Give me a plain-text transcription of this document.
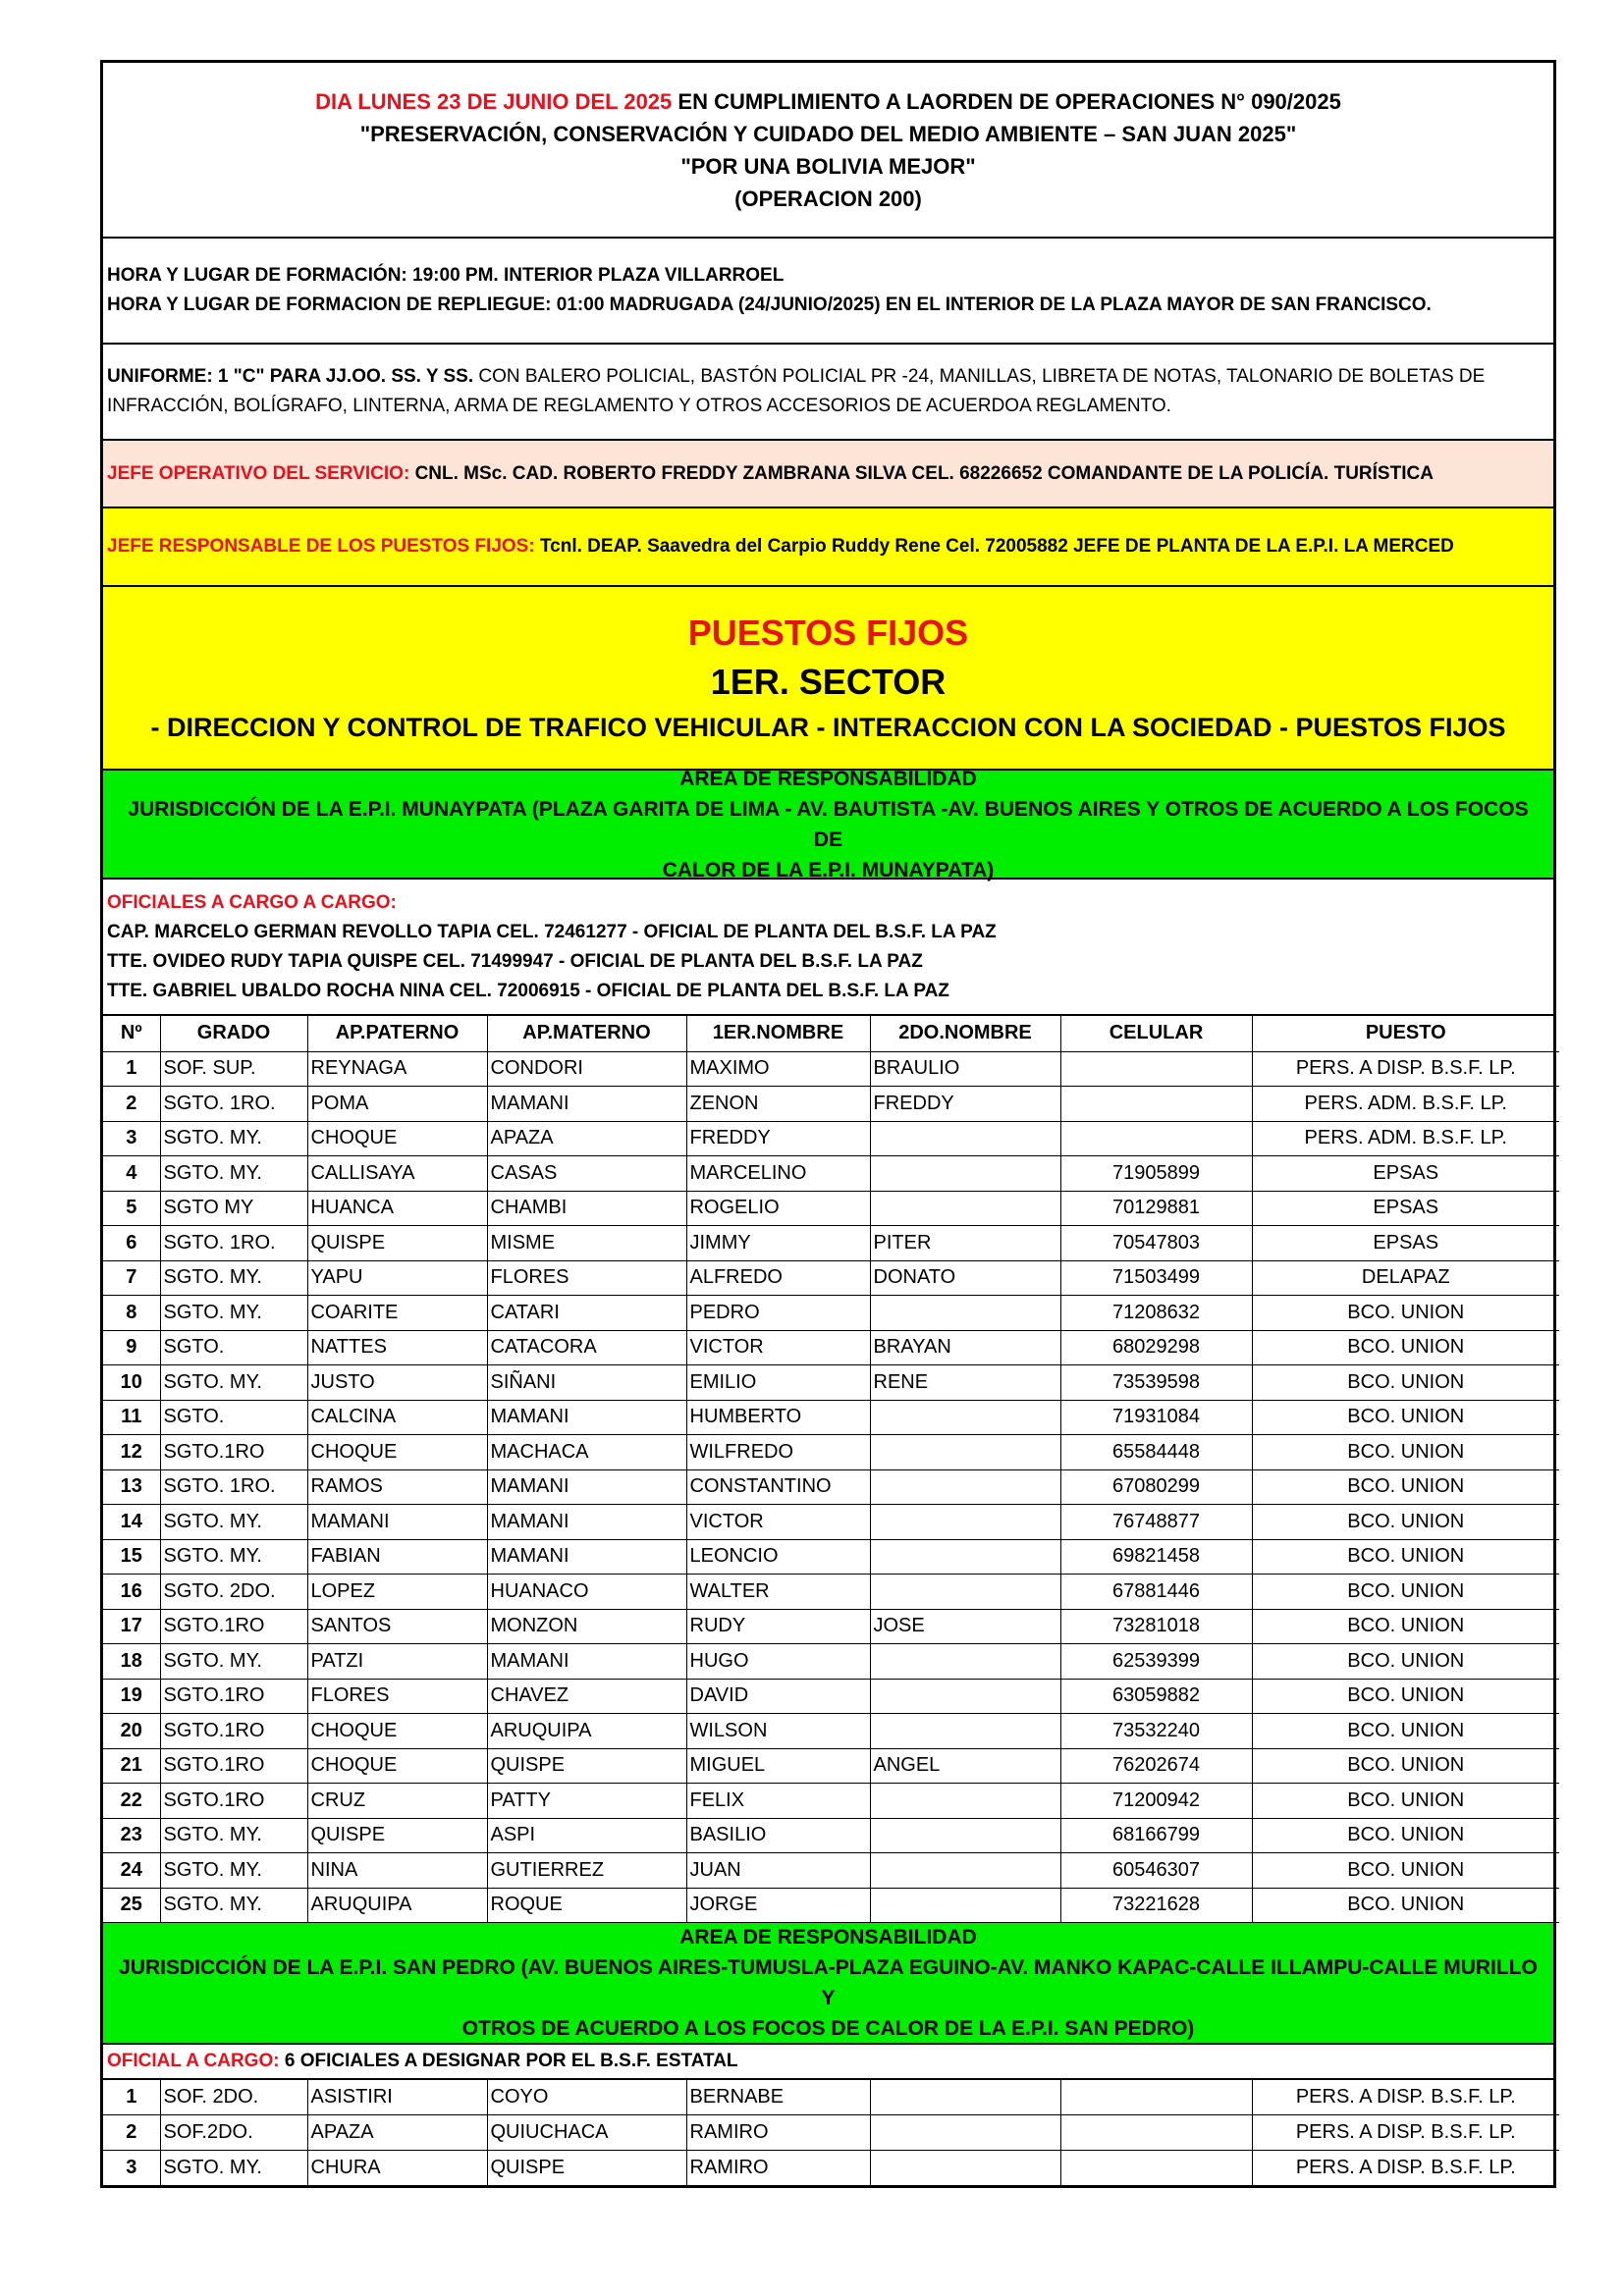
DIA LUNES 23 DE JUNIO DEL 2025 EN CUMPLIMIENTO A LAORDEN DE OPERACIONES N° 090/2025
"PRESERVACIÓN, CONSERVACIÓN Y CUIDADO DEL MEDIO AMBIENTE – SAN JUAN 2025"
"POR UNA BOLIVIA MEJOR"
(OPERACION 200)
HORA Y LUGAR DE FORMACIÓN: 19:00 PM. INTERIOR PLAZA VILLARROEL
HORA Y LUGAR DE FORMACION DE REPLIEGUE: 01:00 MADRUGADA (24/JUNIO/2025) EN EL INTERIOR DE LA PLAZA MAYOR DE SAN FRANCISCO.
UNIFORME: 1 "C" PARA JJ.OO. SS. Y SS. CON BALERO POLICIAL, BASTÓN POLICIAL PR -24, MANILLAS, LIBRETA DE NOTAS, TALONARIO DE BOLETAS DE
INFRACCIÓN, BOLÍGRAFO, LINTERNA, ARMA DE REGLAMENTO Y OTROS ACCESORIOS DE ACUERDOA REGLAMENTO.
JEFE OPERATIVO DEL SERVICIO: CNL. MSc. CAD. ROBERTO FREDDY ZAMBRANA SILVA CEL. 68226652 COMANDANTE DE LA POLICÍA. TURÍSTICA
JEFE RESPONSABLE DE LOS PUESTOS FIJOS: Tcnl. DEAP. Saavedra del Carpio Ruddy Rene Cel. 72005882 JEFE DE PLANTA DE LA E.P.I. LA MERCED
PUESTOS FIJOS
1ER. SECTOR
- DIRECCION Y CONTROL DE TRAFICO VEHICULAR - INTERACCION CON LA SOCIEDAD - PUESTOS FIJOS
AREA DE RESPONSABILIDAD
JURISDICCIÓN DE LA E.P.I. MUNAYPATA (PLAZA GARITA DE LIMA - AV. BAUTISTA -AV. BUENOS AIRES Y OTROS DE ACUERDO A LOS FOCOS DE
CALOR DE LA E.P.I. MUNAYPATA)
OFICIALES A CARGO A CARGO:
CAP. MARCELO GERMAN REVOLLO TAPIA CEL. 72461277 - OFICIAL DE PLANTA DEL B.S.F. LA PAZ
TTE. OVIDEO RUDY TAPIA QUISPE CEL. 71499947 - OFICIAL DE PLANTA DEL B.S.F. LA PAZ
TTE. GABRIEL UBALDO ROCHA NINA CEL. 72006915 - OFICIAL DE PLANTA DEL B.S.F. LA PAZ
Nº	GRADO	AP.PATERNO	AP.MATERNO	1ER.NOMBRE	2DO.NOMBRE	CELULAR	PUESTO
1	SOF. SUP.	REYNAGA	CONDORI	MAXIMO	BRAULIO		PERS. A DISP. B.S.F. LP.
2	SGTO. 1RO.	POMA	MAMANI	ZENON	FREDDY		PERS. ADM. B.S.F. LP.
3	SGTO. MY.	CHOQUE	APAZA	FREDDY			PERS. ADM. B.S.F. LP.
4	SGTO. MY.	CALLISAYA	CASAS	MARCELINO		71905899	EPSAS
5	SGTO MY	HUANCA	CHAMBI	ROGELIO		70129881	EPSAS
6	SGTO. 1RO.	QUISPE	MISME	JIMMY	PITER	70547803	EPSAS
7	SGTO. MY.	YAPU	FLORES	ALFREDO	DONATO	71503499	DELAPAZ
8	SGTO. MY.	COARITE	CATARI	PEDRO		71208632	BCO. UNION
9	SGTO.	NATTES	CATACORA	VICTOR	BRAYAN	68029298	BCO. UNION
10	SGTO. MY.	JUSTO	SIÑANI	EMILIO	RENE	73539598	BCO. UNION
11	SGTO.	CALCINA	MAMANI	HUMBERTO		71931084	BCO. UNION
12	SGTO.1RO	CHOQUE	MACHACA	WILFREDO		65584448	BCO. UNION
13	SGTO. 1RO.	RAMOS	MAMANI	CONSTANTINO		67080299	BCO. UNION
14	SGTO. MY.	MAMANI	MAMANI	VICTOR		76748877	BCO. UNION
15	SGTO. MY.	FABIAN	MAMANI	LEONCIO		69821458	BCO. UNION
16	SGTO. 2DO.	LOPEZ	HUANACO	WALTER		67881446	BCO. UNION
17	SGTO.1RO	SANTOS	MONZON	RUDY	JOSE	73281018	BCO. UNION
18	SGTO. MY.	PATZI	MAMANI	HUGO		62539399	BCO. UNION
19	SGTO.1RO	FLORES	CHAVEZ	DAVID		63059882	BCO. UNION
20	SGTO.1RO	CHOQUE	ARUQUIPA	WILSON		73532240	BCO. UNION
21	SGTO.1RO	CHOQUE	QUISPE	MIGUEL	ANGEL	76202674	BCO. UNION
22	SGTO.1RO	CRUZ	PATTY	FELIX		71200942	BCO. UNION
23	SGTO. MY.	QUISPE	ASPI	BASILIO		68166799	BCO. UNION
24	SGTO. MY.	NINA	GUTIERREZ	JUAN		60546307	BCO. UNION
25	SGTO. MY.	ARUQUIPA	ROQUE	JORGE		73221628	BCO. UNION
AREA DE RESPONSABILIDAD
JURISDICCIÓN DE LA E.P.I. SAN PEDRO (AV. BUENOS AIRES-TUMUSLA-PLAZA EGUINO-AV. MANKO KAPAC-CALLE ILLAMPU-CALLE MURILLO Y
OTROS DE ACUERDO A LOS FOCOS DE CALOR DE LA E.P.I. SAN PEDRO)
OFICIAL A CARGO: 6 OFICIALES A DESIGNAR POR EL B.S.F. ESTATAL
1	SOF. 2DO.	ASISTIRI	COYO	BERNABE			PERS. A DISP. B.S.F. LP.
2	SOF.2DO.	APAZA	QUIUCHACA	RAMIRO			PERS. A DISP. B.S.F. LP.
3	SGTO. MY.	CHURA	QUISPE	RAMIRO			PERS. A DISP. B.S.F. LP.
